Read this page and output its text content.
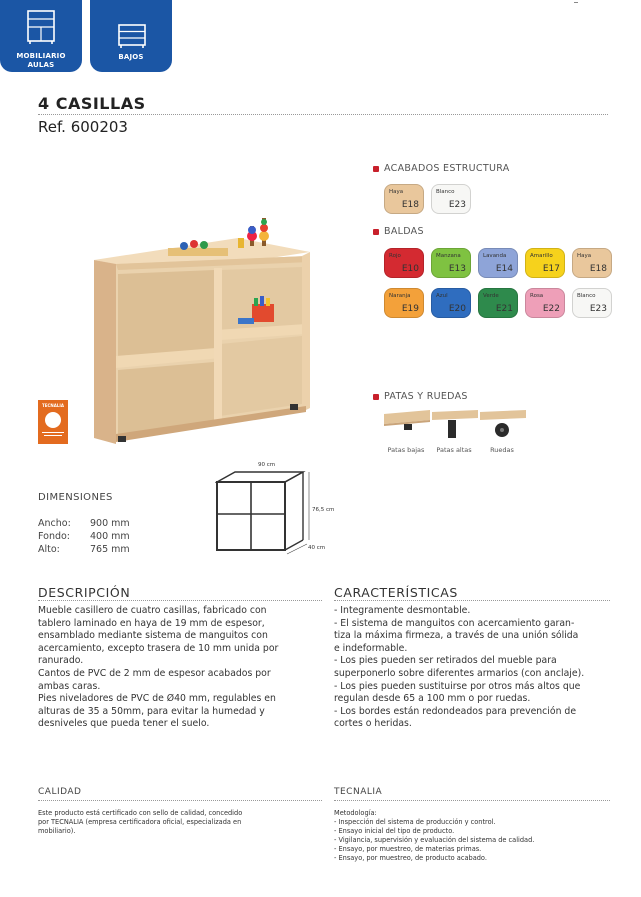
MOBILIARIO
AULAS
BAJOS
4 CASILLAS
Ref. 600203
TECNALIA
ACABADOS ESTRUCTURA
Haya
E18
Blanco
E23
BALDAS
Rojo
E10
Manzana
E13
Lavanda
E14
Amarillo
E17
Haya
E18
Naranja
E19
Azul
E20
Verde
E21
Rosa
E22
Blanco
E23
PATAS Y RUEDAS
Patas bajas	Patas altas	Ruedas
90 cm
76,5 cm
40 cm
DIMENSIONES
Ancho: 900 mm
Fondo: 400 mm
Alto:	765 mm
DESCRIPCIÓN
Mueble casillero de cuatro casillas, fabricado con
tablero laminado en haya de 19 mm de espesor,
ensamblado mediante sistema de manguitos con
acercamiento, excepto trasera de 10 mm unida por
ranurado.
Cantos de PVC de 2 mm de espesor acabados por
ambas caras.
Pies niveladores de PVC de Ø40 mm, regulables en
alturas de 35 a 50mm, para evitar la humedad y
desniveles que pueda tener el suelo.
CARACTERÍSTICAS
- Integramente desmontable.
- El sistema de manguitos con acercamiento garan-
tiza la máxima firmeza, a través de una unión sólida
e indeformable.
- Los pies pueden ser retirados del mueble para
superponerlo sobre diferentes armarios (con anclaje).
- Los pies pueden sustituirse por otros más altos que
regulan desde 65 a 100 mm o por ruedas.
- Los bordes están redondeados para prevención de
cortes o heridas.
CALIDAD
Este producto está certificado con sello de calidad, concedido
por TECNALIA (empresa certificadora oficial, especializada en
mobiliario).
TECNALIA
Metodología:
- Inspección del sistema de producción y control.
- Ensayo inicial del tipo de producto.
- Vigilancia, supervisión y evaluación del sistema de calidad.
- Ensayo, por muestreo, de materias primas.
- Ensayo, por muestreo, de producto acabado.
